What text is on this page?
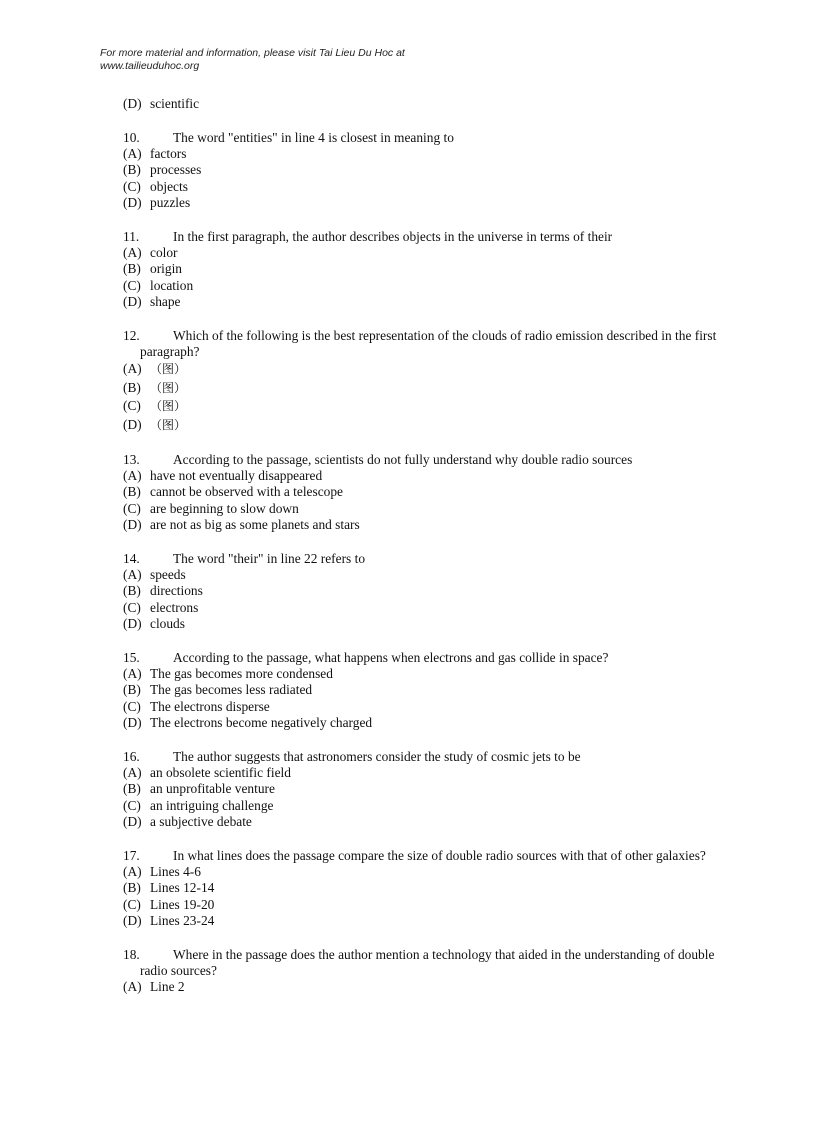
For more material and information, please visit Tai Lieu Du Hoc at
www.tailieuduhoc.org
(D) scientific
10. The word "entities" in line 4 is closest in meaning to
(A) factors
(B) processes
(C) objects
(D) puzzles
11.	In the first paragraph, the author describes objects in the universe in terms of their
(A) color
(B) origin
(C) location
(D) shape
12. Which of the following is the best representation of the clouds of radio emission described in the first paragraph?
(A) （图）
(B) （图）
(C) （图）
(D) （图）
13. According to the passage, scientists do not fully understand why double radio sources
(A) have not eventually disappeared
(B) cannot be observed with a telescope
(C) are beginning to slow down
(D) are not as big as some planets and stars
14. The word "their" in line 22 refers to
(A) speeds
(B) directions
(C) electrons
(D) clouds
15. According to the passage, what happens when electrons and gas collide in space?
(A) The gas becomes more condensed
(B) The gas becomes less radiated
(C) The electrons disperse
(D) The electrons become negatively charged
16. The author suggests that astronomers consider the study of cosmic jets to be
(A) an obsolete scientific field
(B) an unprofitable venture
(C) an intriguing challenge
(D) a subjective debate
17. In what lines does the passage compare the size of double radio sources with that of other galaxies?
(A) Lines 4-6
(B) Lines 12-14
(C) Lines 19-20
(D) Lines 23-24
18. Where in the passage does the author mention a technology that aided in the understanding of double radio sources?
(A) Line 2
